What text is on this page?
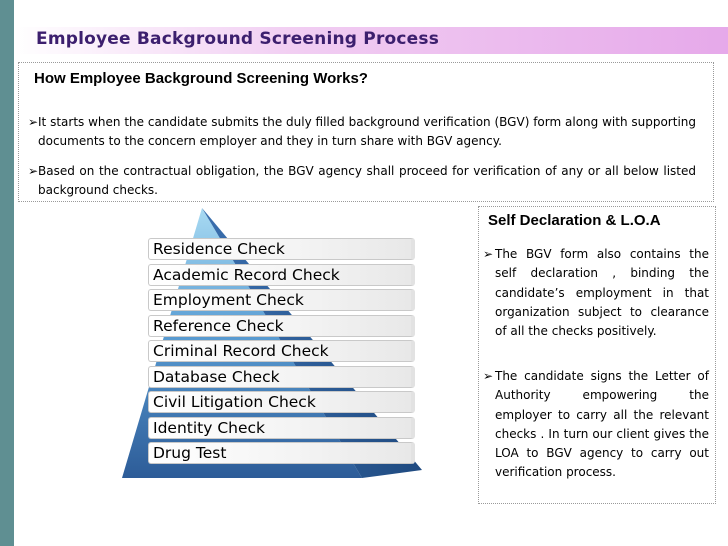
Employee Background Screening Process
How Employee Background Screening Works?
➢ It starts when the candidate submits the duly filled background verification (BGV) form along with supporting documents to the concern employer and they in turn share with BGV agency.
➢ Based on the contractual obligation, the BGV agency shall proceed for verification of any or all below listed background checks.
Self Declaration & L.O.A
➢ The BGV form also contains the self declaration , binding the candidate’s employment in that organization subject to clearance of all the checks positively.
➢ The candidate signs the Letter of Authority empowering the employer to carry all the relevant checks . In turn our client gives the LOA to BGV agency to carry out verification process.
Residence Check
Academic Record Check
Employment Check
Reference Check
Criminal Record Check
Database Check
Civil Litigation Check
Identity Check
Drug Test
